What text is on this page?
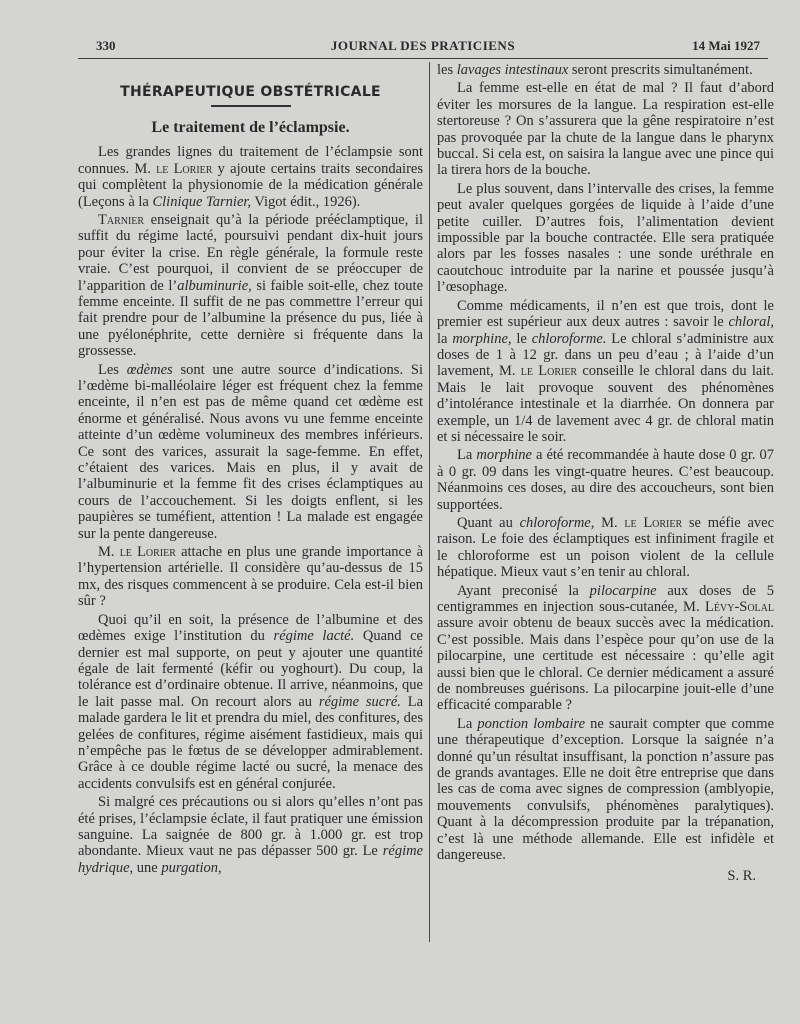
330	JOURNAL DES PRATICIENS	14 Mai 1927
THÉRAPEUTIQUE OBSTÉTRICALE
Le traitement de l’éclampsie.

Les grandes lignes du traitement de l’éclampsie sont connues. M. le Lorier y ajoute certains traits secondaires qui complètent la physionomie de la médication générale (Leçons à la Clinique Tarnier, Vigot édit., 1926).

Tarnier enseignait qu’à la période prééclamptique, il suffit du régime lacté, poursuivi pendant dix-huit jours pour éviter la crise. En règle générale, la formule reste vraie. C’est pourquoi, il convient de se préoccuper de l’apparition de l’albuminurie, si faible soit-elle, chez toute femme enceinte. Il suffit de ne pas commettre l’erreur qui fait prendre pour de l’albumine la présence du pus, liée à une pyélonéphrite, cette dernière si fréquente dans la grossesse.

Les œdèmes sont une autre source d’indications. Si l’œdème bi-malléolaire léger est fréquent chez la femme enceinte, il n’en est pas de même quand cet œdème est énorme et généralisé. Nous avons vu une femme enceinte atteinte d’un œdème volumineux des membres inférieurs. Ce sont des varices, assurait la sage-femme. En effet, c’étaient des varices. Mais en plus, il y avait de l’albuminurie et la femme fit des crises éclamptiques au cours de l’accouchement. Si les doigts enflent, si les paupières se tuméfient, attention ! La malade est engagée sur la pente dangereuse.

M. le Lorier attache en plus une grande importance à l’hypertension artérielle. Il considère qu’au-dessus de 15 mx, des risques commencent à se produire. Cela est-il bien sûr ?

Quoi qu’il en soit, la présence de l’albumine et des œdèmes exige l’institution du régime lacté. Quand ce dernier est mal supporte, on peut y ajouter une quantité égale de lait fermenté (kéfir ou yoghourt). Du coup, la tolérance est d’ordinaire obtenue. Il arrive, néanmoins, que le lait passe mal. On recourt alors au régime sucré. La malade gardera le lit et prendra du miel, des confitures, des gelées de confitures, régime aisément fastidieux, mais qui n’empêche pas le fœtus de se développer admirablement. Grâce à ce double régime lacté ou sucré, la menace des accidents convulsifs est en général conjurée.

Si malgré ces précautions ou si alors qu’elles n’ont pas été prises, l’éclampsie éclate, il faut pratiquer une émission sanguine. La saignée de 800 gr. à 1.000 gr. est trop abondante. Mieux vaut ne pas dépasser 500 gr. Le régime hydrique, une purgation,

les lavages intestinaux seront prescrits simultanément.

La femme est-elle en état de mal ? Il faut d’abord éviter les morsures de la langue. La respiration est-elle stertoreuse ? On s’assurera que la gêne respiratoire n’est pas provoquée par la chute de la langue dans le pharynx buccal. Si cela est, on saisira la langue avec une pince qui la tirera hors de la bouche.

Le plus souvent, dans l’intervalle des crises, la femme peut avaler quelques gorgées de liquide à l’aide d’une petite cuiller. D’autres fois, l’alimentation devient impossible par la bouche contractée. Elle sera pratiquée alors par les fosses nasales : une sonde uréthrale en caoutchouc introduite par la narine et poussée jusqu’à l’œsophage.

Comme médicaments, il n’en est que trois, dont le premier est supérieur aux deux autres : savoir le chloral, la morphine, le chloroforme. Le chloral s’administre aux doses de 1 à 12 gr. dans un peu d’eau ; à l’aide d’un lavement, M. le Lorier conseille le chloral dans du lait. Mais le lait provoque souvent des phénomènes d’intolérance intestinale et la diarrhée. On donnera par exemple, un 1/4 de lavement avec 4 gr. de chloral matin et si nécessaire le soir.

La morphine a été recommandée à haute dose 0 gr. 07 à 0 gr. 09 dans les vingt-quatre heures. C’est beaucoup. Néanmoins ces doses, au dire des accoucheurs, sont bien supportées.

Quant au chloroforme, M. le Lorier se méfie avec raison. Le foie des éclamptiques est infiniment fragile et le chloroforme est un poison violent de la cellule hépatique. Mieux vaut s’en tenir au chloral.

Ayant preconisé la pilocarpine aux doses de 5 centigrammes en injection sous-cutanée, M. Lévy-Solal assure avoir obtenu de beaux succès avec la médication. C’est possible. Mais dans l’espèce pour qu’on use de la pilocarpine, une certitude est nécessaire : qu’elle agit aussi bien que le chloral. Ce dernier médicament a assuré de nombreuses guérisons. La pilocarpine jouit-elle d’une efficacité comparable ?

La ponction lombaire ne saurait compter que comme une thérapeutique d’exception. Lorsque la saignée n’a donné qu’un résultat insuffisant, la ponction n’assure pas de grands avantages. Elle ne doit être entreprise que dans les cas de coma avec signes de compression (amblyopie, mouvements convulsifs, phénomènes paralytiques). Quant à la décompression produite par la trépanation, c’est là une méthode allemande. Elle est infidèle et dangereuse.

S. R.
